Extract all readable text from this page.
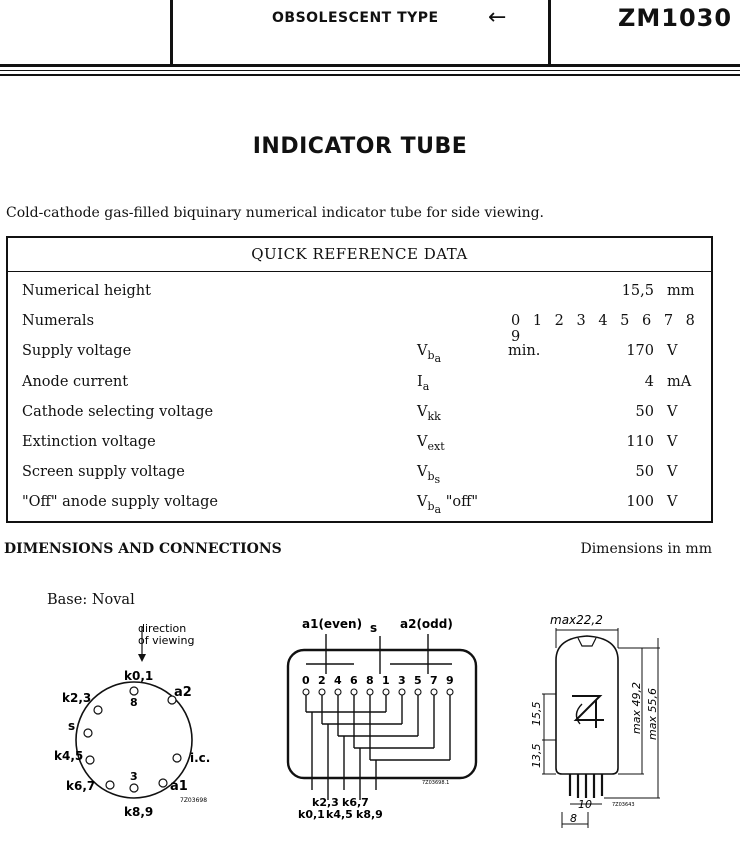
OBSOLESCENT TYPE ←	ZM1030
INDICATOR TUBE
Cold-cathode gas-filled biquinary numerical indicator tube for side viewing.
QUICK REFERENCE DATA
Numerical height	15,5 mm
Numerals	0 1 2 3 4 5 6 7 8 9
Supply voltage	$V_{b_a}$	min.	170 V
Anode current	$I_a$	4 mA
Cathode selecting voltage	$V_{kk}$	50 V
Extinction voltage	$V_{ext}$	110 V
Screen supply voltage	$V_{b_s}$	50 V
"Off" anode supply voltage	$V_{b_a}$ "off"	100 V
DIMENSIONS AND CONNECTIONS	Dimensions in mm
Base: Noval
direction
of viewing
k0,1
a2
k2,3
s
k4,5	i.c.
k6,7	a1
k8,9
8
3
7Z03698
a1(even) s a2(odd)
0 2 4 6 8 1 3 5 7 9
7Z03698.1
k0,1
k2,3
k4,5
k6,7
k8,9
max22,2
15,5
13,5
max 49,2 max 55,6
10
8
7Z03643
